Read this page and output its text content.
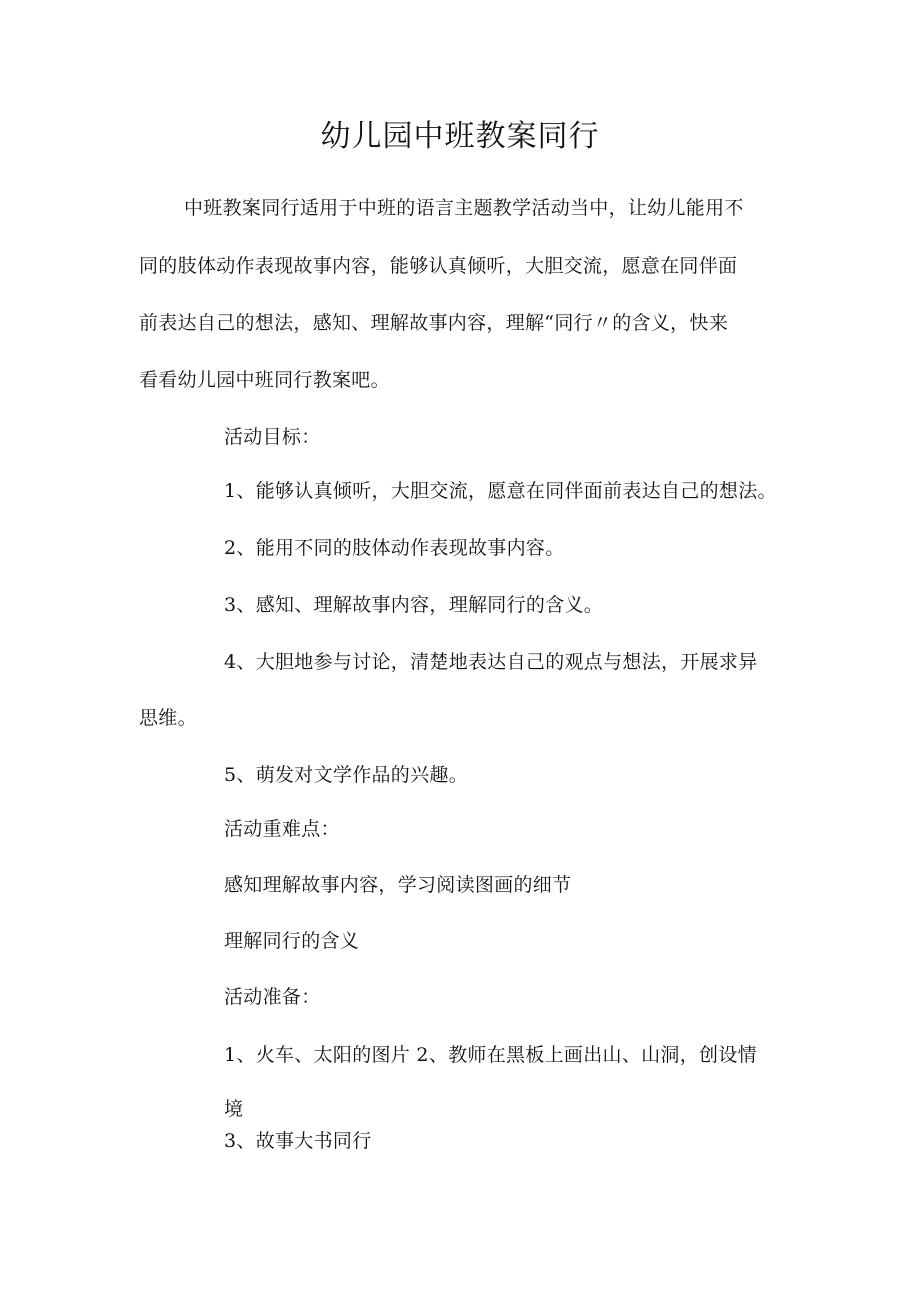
幼儿园中班教案同行
中班教案同行适用于中班的语言主题教学活动当中，让幼儿能用不
同的肢体动作表现故事内容，能够认真倾听，大胆交流，愿意在同伴面
前表达自己的想法，感知、理解故事内容，理解“同行〃的含义，快来
看看幼儿园中班同行教案吧。
活动目标：
1、能够认真倾听，大胆交流，愿意在同伴面前表达自己的想法。
2、能用不同的肢体动作表现故事内容。
3、感知、理解故事内容，理解同行的含义。
4、大胆地参与讨论，清楚地表达自己的观点与想法，开展求异
思维。
5、萌发对文学作品的兴趣。
活动重难点：
感知理解故事内容，学习阅读图画的细节
理解同行的含义
活动准备：
1、火车、太阳的图片 2、教师在黑板上画出山、山洞，创设情
境
3、故事大书同行
